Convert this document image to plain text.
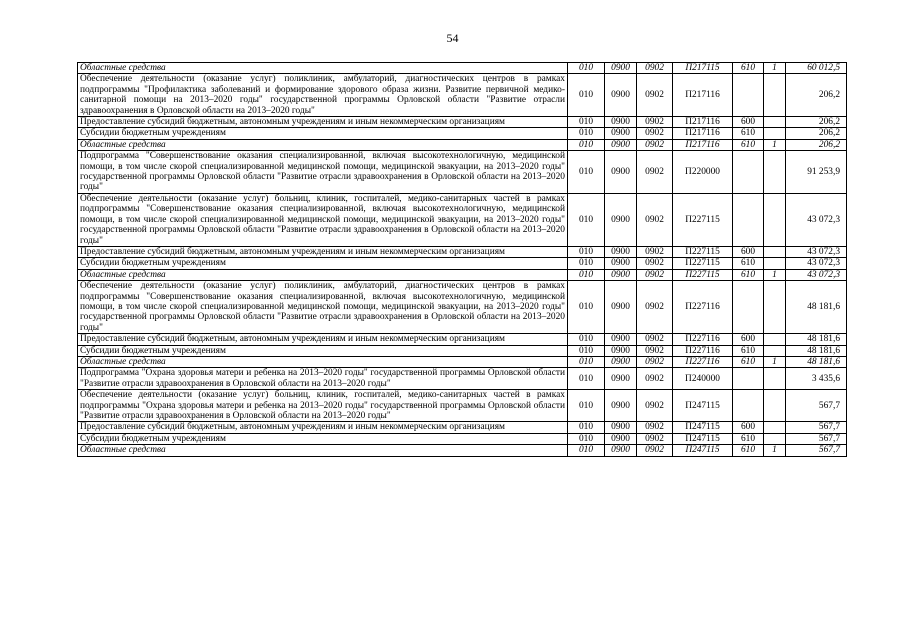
54
Областные средства	010	0900	0902	П217115	610	1	60 012,5
Обеспечение деятельности (оказание услуг) поликлиник, амбулаторий, диагностических центров в рамках подпрограммы "Профилактика заболеваний и формирование здорового образа жизни. Развитие первичной медико-санитарной помощи на 2013–2020 годы" государственной программы Орловской области "Развитие отрасли здравоохранения в Орловской области на 2013–2020 годы"	010	0900	0902	П217116			206,2
Предоставление субсидий бюджетным, автономным учреждениям и иным некоммерческим организациям	010	0900	0902	П217116	600		206,2
Субсидии бюджетным учреждениям	010	0900	0902	П217116	610		206,2
Областные средства	010	0900	0902	П217116	610	1	206,2
Подпрограмма "Совершенствование оказания специализированной, включая высокотехнологичную, медицинской помощи, в том числе скорой специализированной медицинской помощи, медицинской эвакуации, на 2013–2020 годы" государственной программы Орловской области "Развитие отрасли здравоохранения в Орловской области на 2013–2020 годы"	010	0900	0902	П220000			91 253,9
Обеспечение деятельности (оказание услуг) больниц, клиник, госпиталей, медико-санитарных частей в рамках подпрограммы "Совершенствование оказания специализированной, включая высокотехнологичную, медицинской помощи, в том числе скорой специализированной медицинской помощи, медицинской эвакуации, на 2013–2020 годы" государственной программы Орловской области "Развитие отрасли здравоохранения в Орловской области на 2013–2020 годы"	010	0900	0902	П227115			43 072,3
Предоставление субсидий бюджетным, автономным учреждениям и иным некоммерческим организациям	010	0900	0902	П227115	600		43 072,3
Субсидии бюджетным учреждениям	010	0900	0902	П227115	610		43 072,3
Областные средства	010	0900	0902	П227115	610	1	43 072,3
Обеспечение деятельности (оказание услуг) поликлиник, амбулаторий, диагностических центров в рамках подпрограммы "Совершенствование оказания специализированной, включая высокотехнологичную, медицинской помощи, в том числе скорой специализированной медицинской помощи, медицинской эвакуации, на 2013–2020 годы" государственной программы Орловской области "Развитие отрасли здравоохранения в Орловской области на 2013–2020 годы"	010	0900	0902	П227116			48 181,6
Предоставление субсидий бюджетным, автономным учреждениям и иным некоммерческим организациям	010	0900	0902	П227116	600		48 181,6
Субсидии бюджетным учреждениям	010	0900	0902	П227116	610		48 181,6
Областные средства	010	0900	0902	П227116	610	1	48 181,6
Подпрограмма "Охрана здоровья матери и ребенка на 2013–2020 годы" государственной программы Орловской области "Развитие отрасли здравоохранения в Орловской области на 2013–2020 годы"	010	0900	0902	П240000			3 435,6
Обеспечение деятельности (оказание услуг) больниц, клиник, госпиталей, медико-санитарных частей в рамках подпрограммы "Охрана здоровья матери и ребенка на 2013–2020 годы" государственной программы Орловской области "Развитие отрасли здравоохранения в Орловской области на 2013–2020 годы"	010	0900	0902	П247115			567,7
Предоставление субсидий бюджетным, автономным учреждениям и иным некоммерческим организациям	010	0900	0902	П247115	600		567,7
Субсидии бюджетным учреждениям	010	0900	0902	П247115	610		567,7
Областные средства	010	0900	0902	П247115	610	1	567,7
